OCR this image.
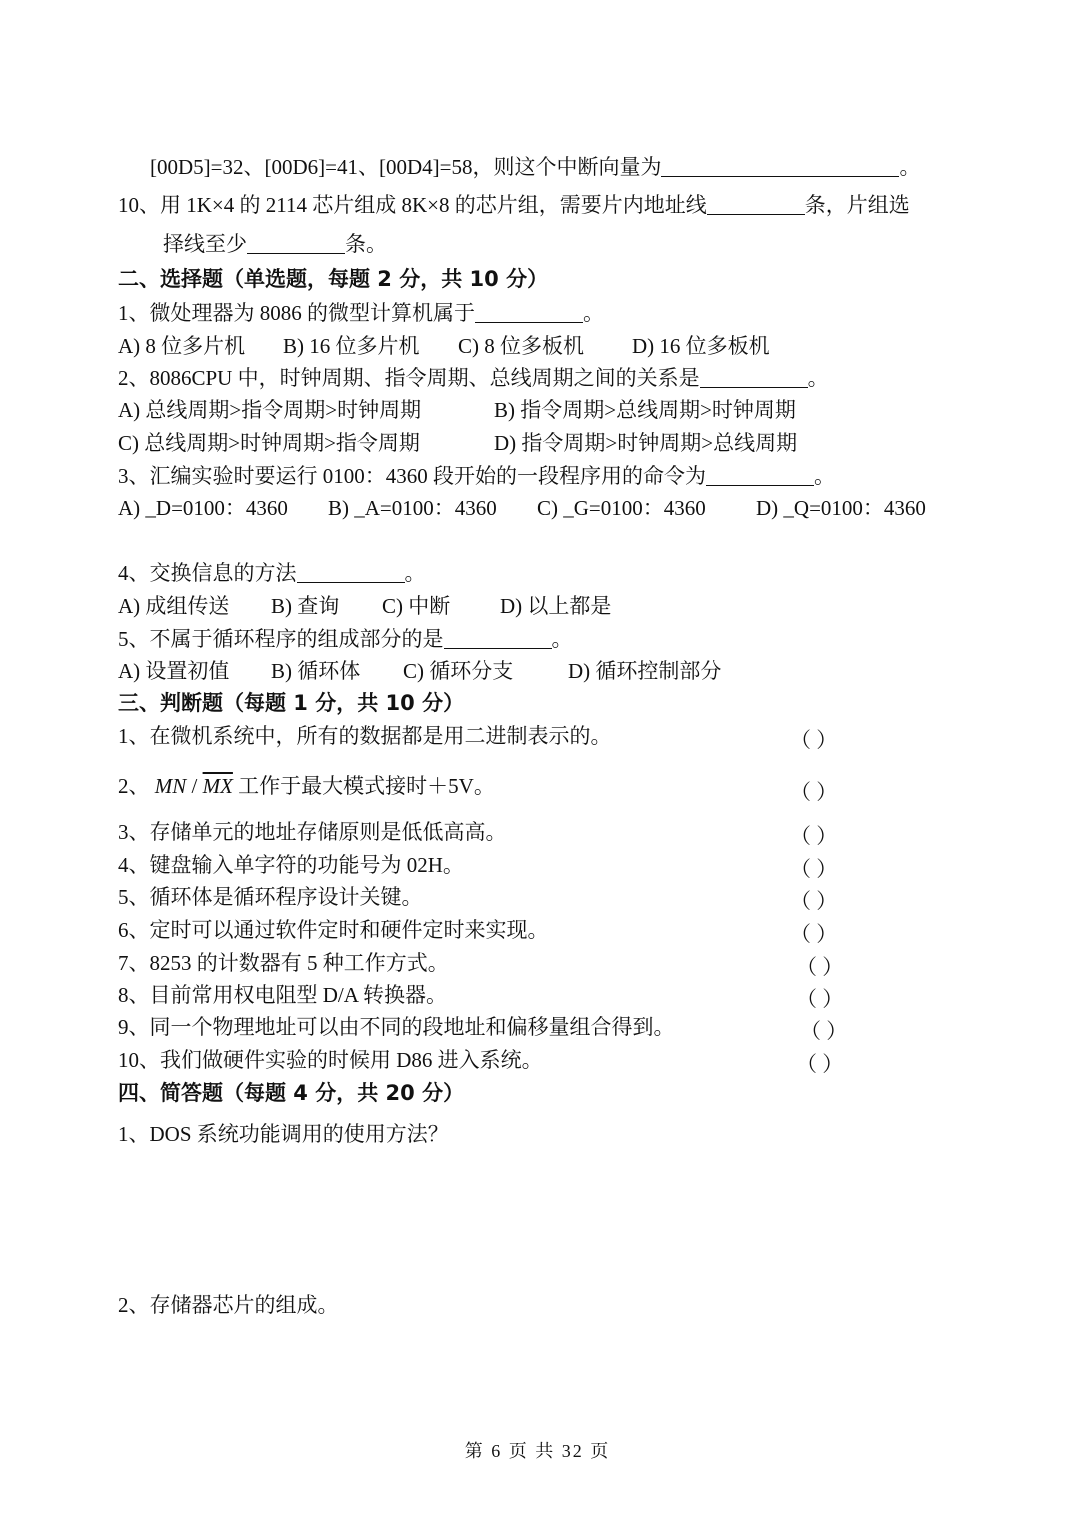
[00D5]=32、[00D6]=41、[00D4]=58，则这个中断向量为	。
10、用 1K×4 的 2114 芯片组成 8K×8 的芯片组，需要片内地址线	条，片组选
择线至少	条。
二、选择题（单选题，每题 2 分，共 10 分）
1、微处理器为 8086 的微型计算机属于	。
A) 8 位多片机 B) 16 位多片机 C) 8 位多板机 D) 16 位多板机
2、8086CPU 中，时钟周期、指令周期、总线周期之间的关系是	。
A) 总线周期>指令周期>时钟周期	B) 指令周期>总线周期>时钟周期
C) 总线周期>时钟周期>指令周期	D) 指令周期>时钟周期>总线周期
3、汇编实验时要运行 0100：4360 段开始的一段程序用的命令为	。
A) _D=0100：4360 B) _A=0100：4360 C) _G=0100：4360 D) _Q=0100：4360
4、交换信息的方法	。
A) 成组传送 B) 查询 C) 中断 D) 以上都是
5、不属于循环程序的组成部分的是	。
A) 设置初值 B) 循环体 C) 循环分支	D) 循环控制部分
三、判断题（每题 1 分，共 10 分）
1、在微机系统中，所有的数据都是用二进制表示的。	（ ）
2、 MN / $\overline{MX}$ 工作于最大模式接时＋5V。	（ ）
3、存储单元的地址存储原则是低低高高。	（ ）
4、键盘输入单字符的功能号为 02H。	（ ）
5、循环体是循环程序设计关键。	（ ）
6、定时可以通过软件定时和硬件定时来实现。	（ ）
7、8253 的计数器有 5 种工作方式。	（ ）
8、目前常用权电阻型 D/A 转换器。	（ ）
9、同一个物理地址可以由不同的段地址和偏移量组合得到。	（ ）
10、我们做硬件实验的时候用 D86 进入系统。	（ ）
四、简答题（每题 4 分，共 20 分）
1、DOS 系统功能调用的使用方法？
2、存储器芯片的组成。
第 6 页 共 32 页
